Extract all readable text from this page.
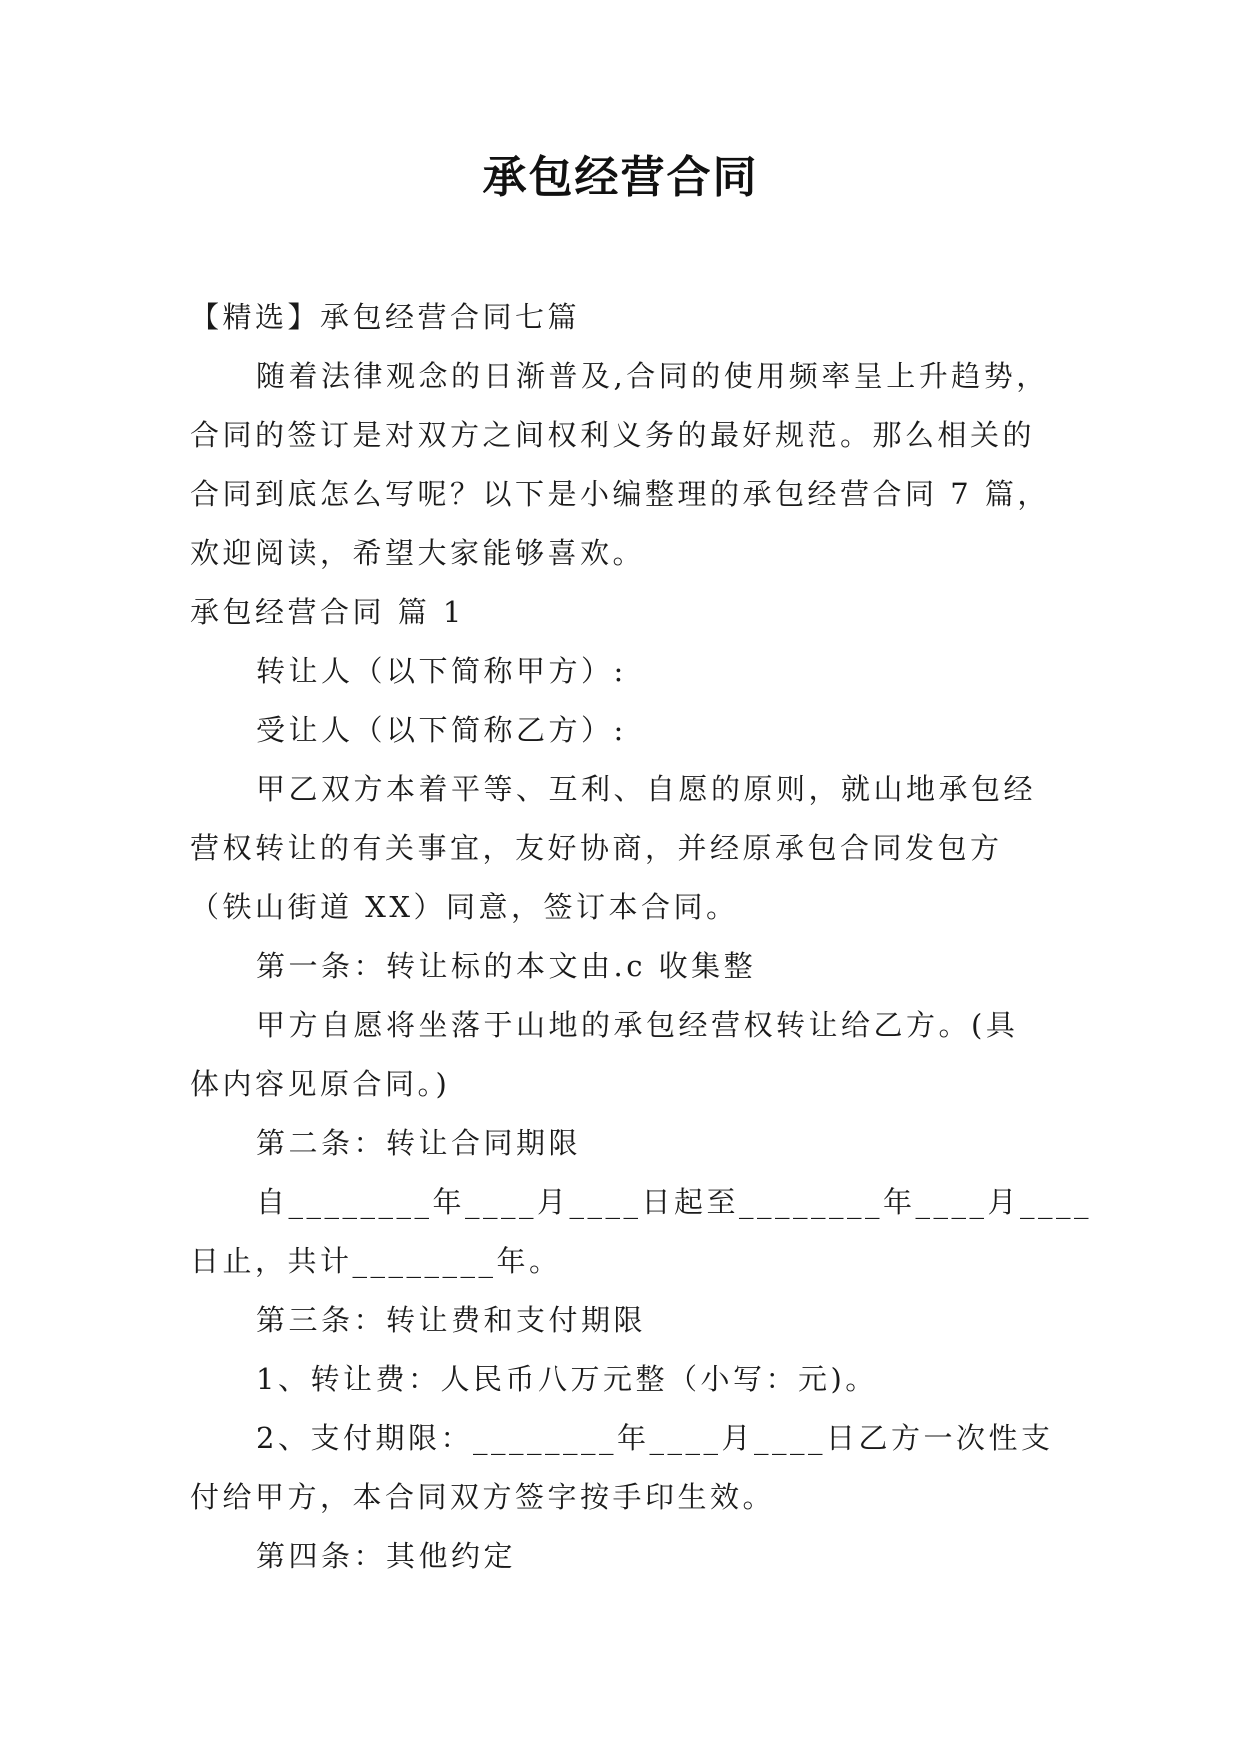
承包经营合同
【精选】承包经营合同七篇
随着法律观念的日渐普及,合同的使用频率呈上升趋势，
合同的签订是对双方之间权利义务的最好规范。那么相关的
合同到底怎么写呢？以下是小编整理的承包经营合同 7 篇，
欢迎阅读，希望大家能够喜欢。
承包经营合同 篇 1
转让人（以下简称甲方）:
受让人（以下简称乙方）:
甲乙双方本着平等、互利、自愿的原则，就山地承包经
营权转让的有关事宜，友好协商，并经原承包合同发包方
（铁山街道 XX）同意，签订本合同。
第一条：转让标的本文由.c 收集整
甲方自愿将坐落于山地的承包经营权转让给乙方。(具
体内容见原合同。)
第二条：转让合同期限
自________年____月____日起至________年____月____
日止，共计________年。
第三条：转让费和支付期限
1、转让费：人民币八万元整（小写：元)。
2、支付期限：________年____月____日乙方一次性支
付给甲方，本合同双方签字按手印生效。
第四条：其他约定
